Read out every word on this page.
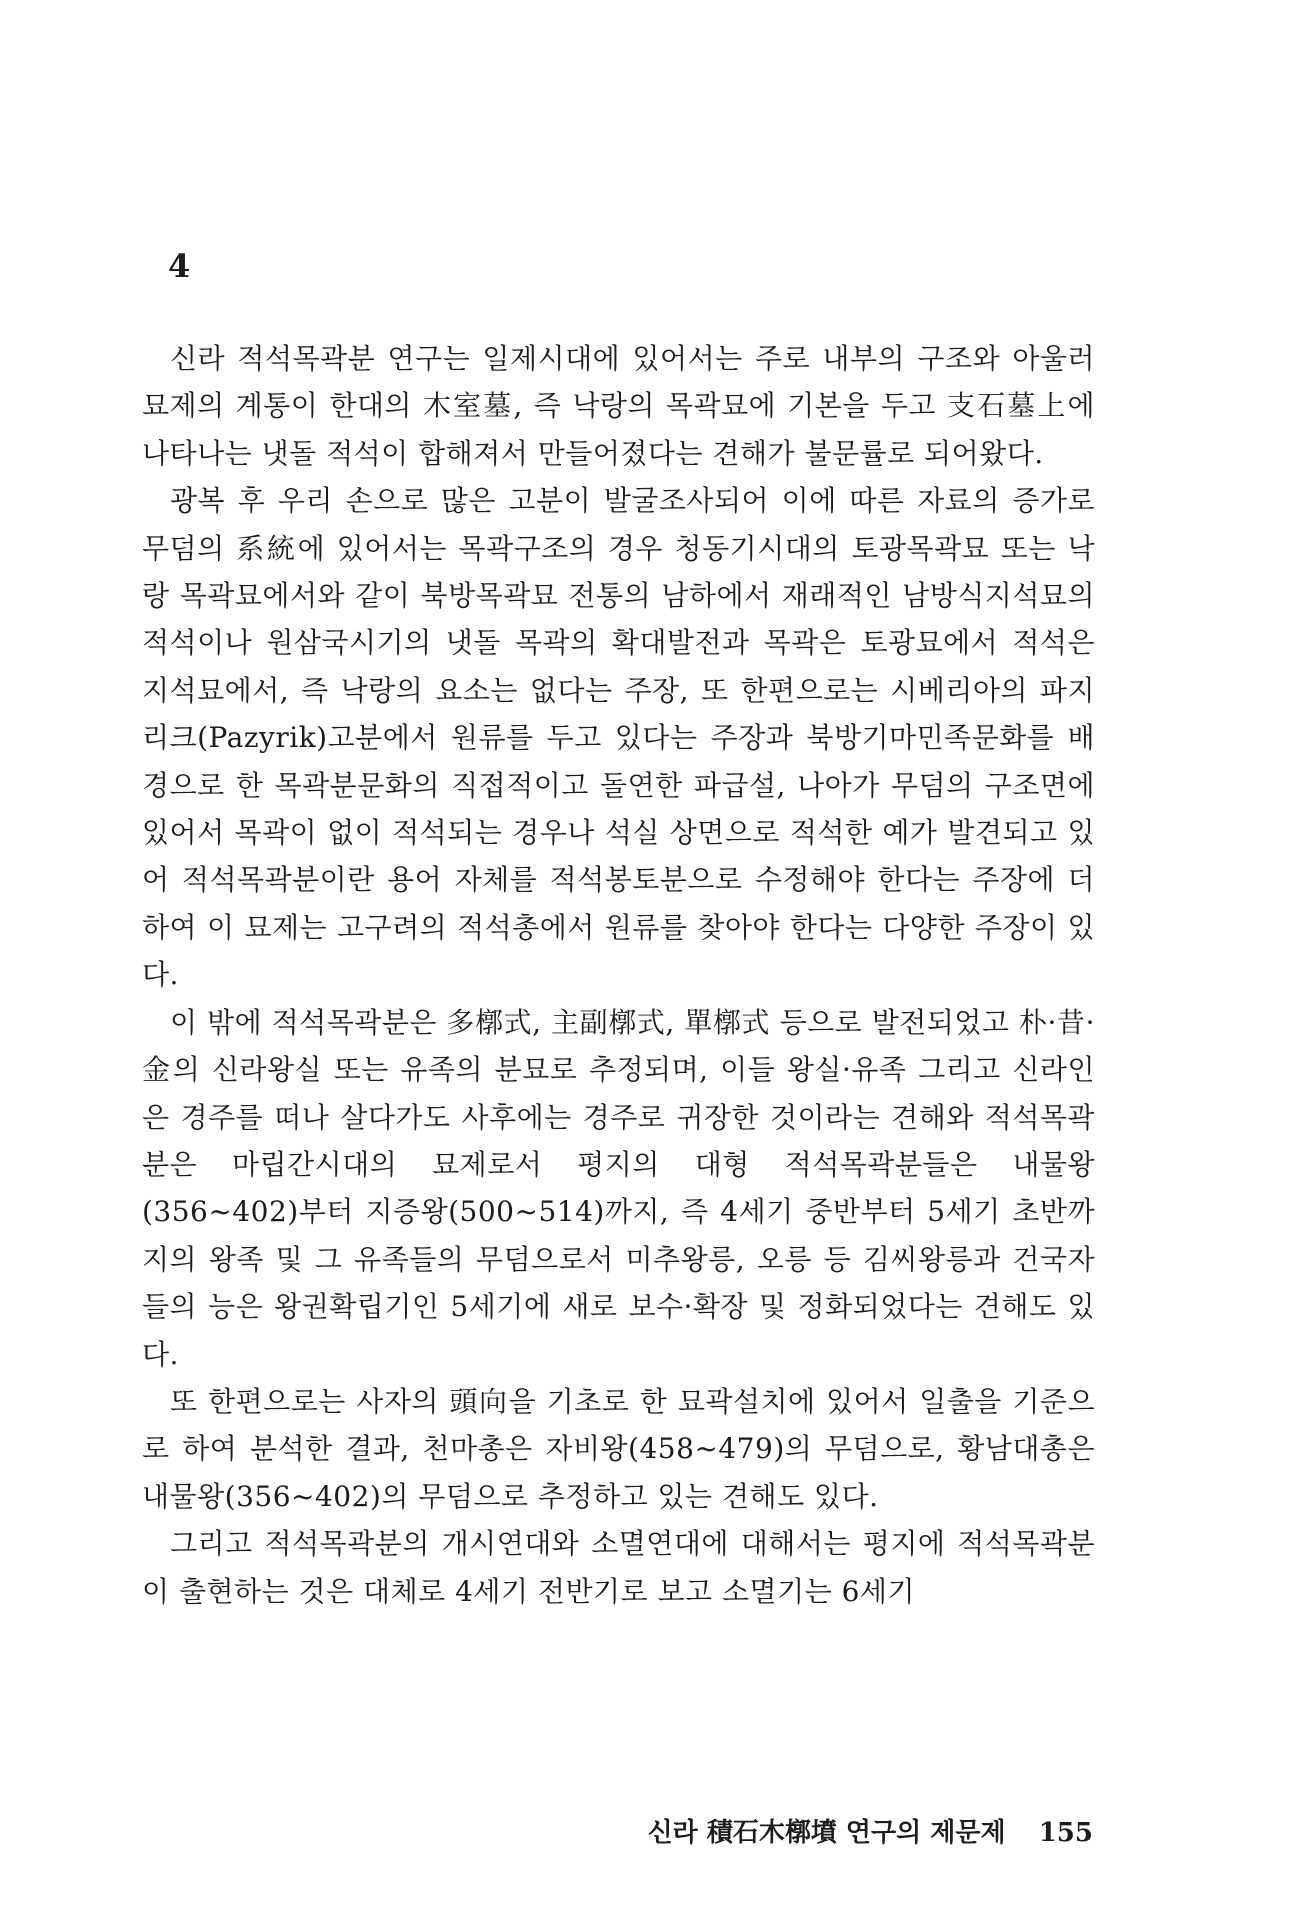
4

신라 적석목곽분 연구는 일제시대에 있어서는 주로 내부의 구조와 아울러 묘제의 계통이 한대의 木室墓, 즉 낙랑의 목곽묘에 기본을 두고 支石墓上에 나타나는 냇돌 적석이 합해져서 만들어졌다는 견해가 불문률로 되어왔다.

광복 후 우리 손으로 많은 고분이 발굴조사되어 이에 따른 자료의 증가로 무덤의 系統에 있어서는 목곽구조의 경우 청동기시대의 토광목곽묘 또는 낙랑 목곽묘에서와 같이 북방목곽묘 전통의 남하에서 재래적인 남방식지석묘의 적석이나 원삼국시기의 냇돌 목곽의 확대발전과 목곽은 토광묘에서 적석은 지석묘에서, 즉 낙랑의 요소는 없다는 주장, 또 한편으로는 시베리아의 파지리크(Pazyrik)고분에서 원류를 두고 있다는 주장과 북방기마민족문화를 배경으로 한 목곽분문화의 직접적이고 돌연한 파급설, 나아가 무덤의 구조면에 있어서 목곽이 없이 적석되는 경우나 석실 상면으로 적석한 예가 발견되고 있어 적석목곽분이란 용어 자체를 적석봉토분으로 수정해야 한다는 주장에 더하여 이 묘제는 고구려의 적석총에서 원류를 찾아야 한다는 다양한 주장이 있다.

이 밖에 적석목곽분은 多槨式, 主副槨式, 單槨式 등으로 발전되었고 朴·昔·金의 신라왕실 또는 유족의 분묘로 추정되며, 이들 왕실·유족 그리고 신라인은 경주를 떠나 살다가도 사후에는 경주로 귀장한 것이라는 견해와 적석목곽분은 마립간시대의 묘제로서 평지의 대형 적석목곽분들은 내물왕(356~402)부터 지증왕(500~514)까지, 즉 4세기 중반부터 5세기 초반까지의 왕족 및 그 유족들의 무덤으로서 미추왕릉, 오릉 등 김씨왕릉과 건국자들의 능은 왕권확립기인 5세기에 새로 보수·확장 및 정화되었다는 견해도 있다.

또 한편으로는 사자의 頭向을 기초로 한 묘곽설치에 있어서 일출을 기준으로 하여 분석한 결과, 천마총은 자비왕(458~479)의 무덤으로, 황남대총은 내물왕(356~402)의 무덤으로 추정하고 있는 견해도 있다.

그리고 적석목곽분의 개시연대와 소멸연대에 대해서는 평지에 적석목곽분이 출현하는 것은 대체로 4세기 전반기로 보고 소멸기는 6세기

신라 積石木槨墳 연구의 제문제 155
